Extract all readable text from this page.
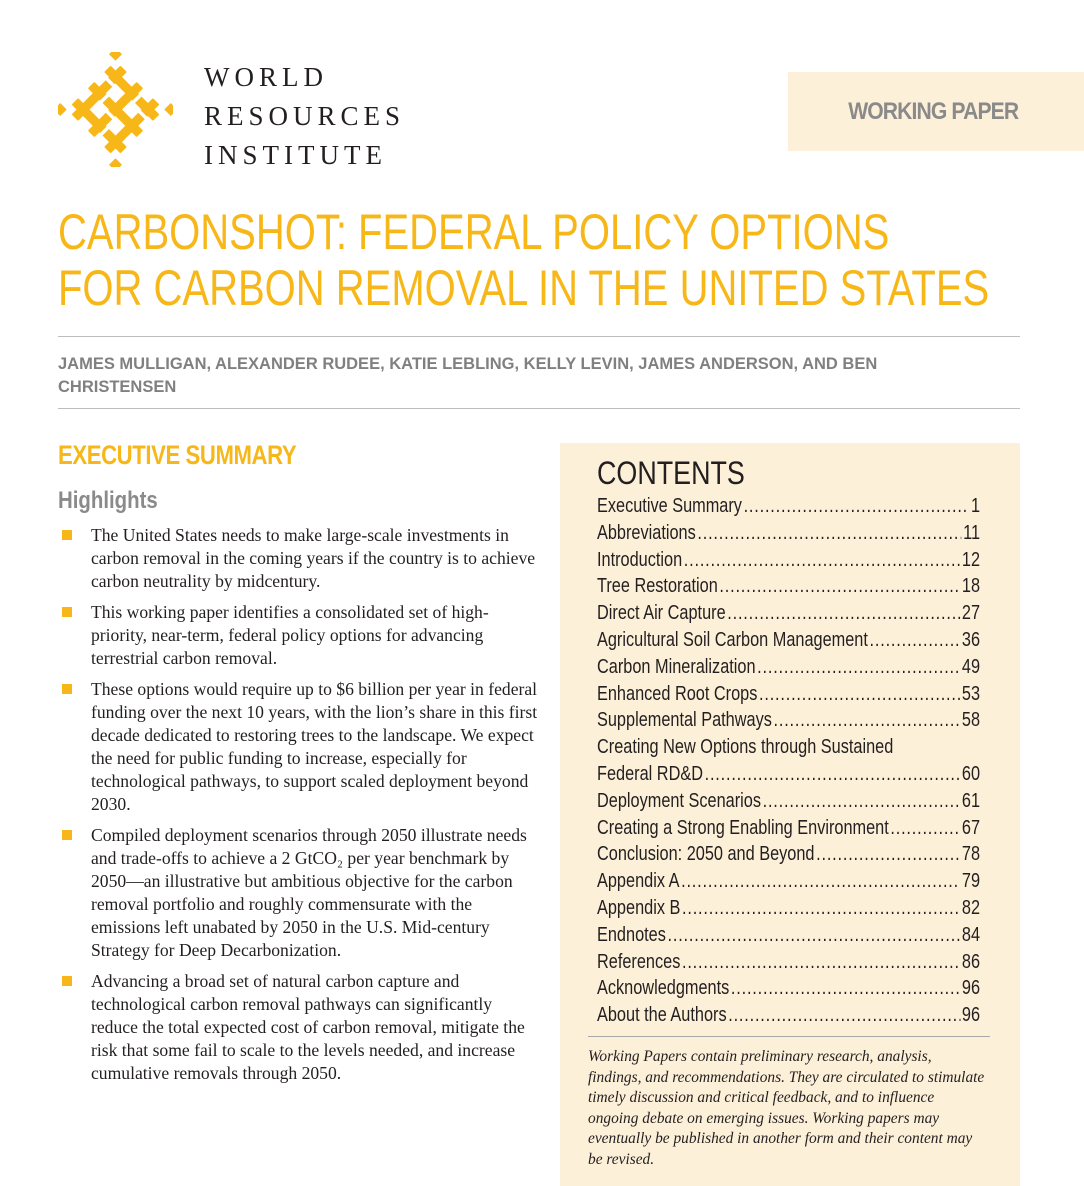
WORLD
RESOURCES
INSTITUTE
WORKING PAPER
CARBONSHOT: FEDERAL POLICY OPTIONS
FOR CARBON REMOVAL IN THE UNITED STATES
JAMES MULLIGAN, ALEXANDER RUDEE, KATIE LEBLING, KELLY LEVIN, JAMES ANDERSON, AND BEN CHRISTENSEN
EXECUTIVE SUMMARY
Highlights
The United States needs to make large-scale investments in carbon removal in the coming years if the country is to achieve carbon neutrality by midcentury.
This working paper identifies a consolidated set of high-priority, near-term, federal policy options for advancing terrestrial carbon removal.
These options would require up to $6 billion per year in federal funding over the next 10 years, with the lion’s share in this first decade dedicated to restoring trees to the landscape. We expect the need for public funding to increase, especially for technological pathways, to support scaled deployment beyond 2030.
Compiled deployment scenarios through 2050 illustrate needs and trade-offs to achieve a 2 GtCO₂ per year benchmark by 2050—an illustrative but ambitious objective for the carbon removal portfolio and roughly commensurate with the emissions left unabated by 2050 in the U.S. Mid-century Strategy for Deep Decarbonization.
Advancing a broad set of natural carbon capture and technological carbon removal pathways can significantly reduce the total expected cost of carbon removal, mitigate the risk that some fail to scale to the levels needed, and increase cumulative removals through 2050.
CONTENTS
Executive Summary .....	1
Abbreviations .....	11
Introduction .....	12
Tree Restoration .....	18
Direct Air Capture .....	27
Agricultural Soil Carbon Management .....	36
Carbon Mineralization .....	49
Enhanced Root Crops .....	53
Supplemental Pathways .....	58
Creating New Options through Sustained
Federal RD&D .....	60
Deployment Scenarios .....	61
Creating a Strong Enabling Environment .....	67
Conclusion: 2050 and Beyond .....	78
Appendix A .....	79
Appendix B .....	82
Endnotes .....	84
References .....	86
Acknowledgments .....	96
About the Authors .....	96
Working Papers contain preliminary research, analysis, findings, and recommendations. They are circulated to stimulate timely discussion and critical feedback, and to influence ongoing debate on emerging issues. Working papers may eventually be published in another form and their content may be revised.
